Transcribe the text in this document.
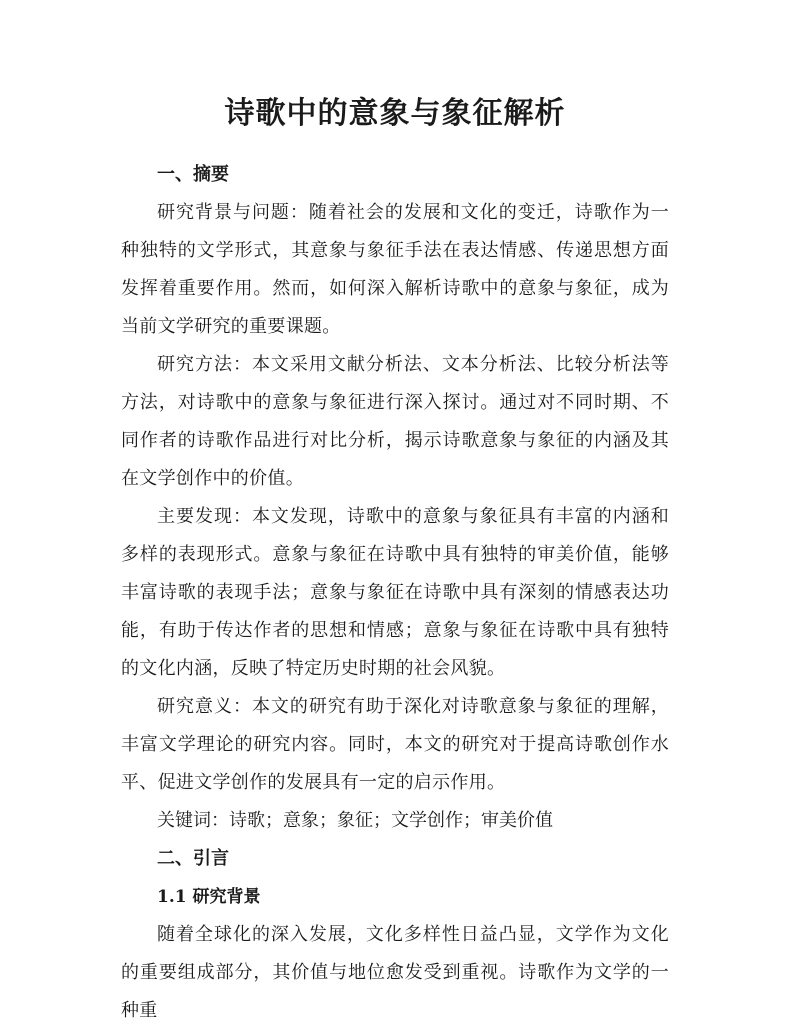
诗歌中的意象与象征解析
一、摘要

研究背景与问题：随着社会的发展和文化的变迁，诗歌作为一种独特的文学形式，其意象与象征手法在表达情感、传递思想方面发挥着重要作用。然而，如何深入解析诗歌中的意象与象征，成为当前文学研究的重要课题。

研究方法：本文采用文献分析法、文本分析法、比较分析法等方法，对诗歌中的意象与象征进行深入探讨。通过对不同时期、不同作者的诗歌作品进行对比分析，揭示诗歌意象与象征的内涵及其在文学创作中的价值。

主要发现：本文发现，诗歌中的意象与象征具有丰富的内涵和多样的表现形式。意象与象征在诗歌中具有独特的审美价值，能够丰富诗歌的表现手法；意象与象征在诗歌中具有深刻的情感表达功能，有助于传达作者的思想和情感；意象与象征在诗歌中具有独特的文化内涵，反映了特定历史时期的社会风貌。

研究意义：本文的研究有助于深化对诗歌意象与象征的理解，丰富文学理论的研究内容。同时，本文的研究对于提高诗歌创作水平、促进文学创作的发展具有一定的启示作用。

关键词：诗歌；意象；象征；文学创作；审美价值

二、引言
1.1 研究背景

随着全球化的深入发展，文化多样性日益凸显，文学作为文化的重要组成部分，其价值与地位愈发受到重视。诗歌作为文学的一种重
